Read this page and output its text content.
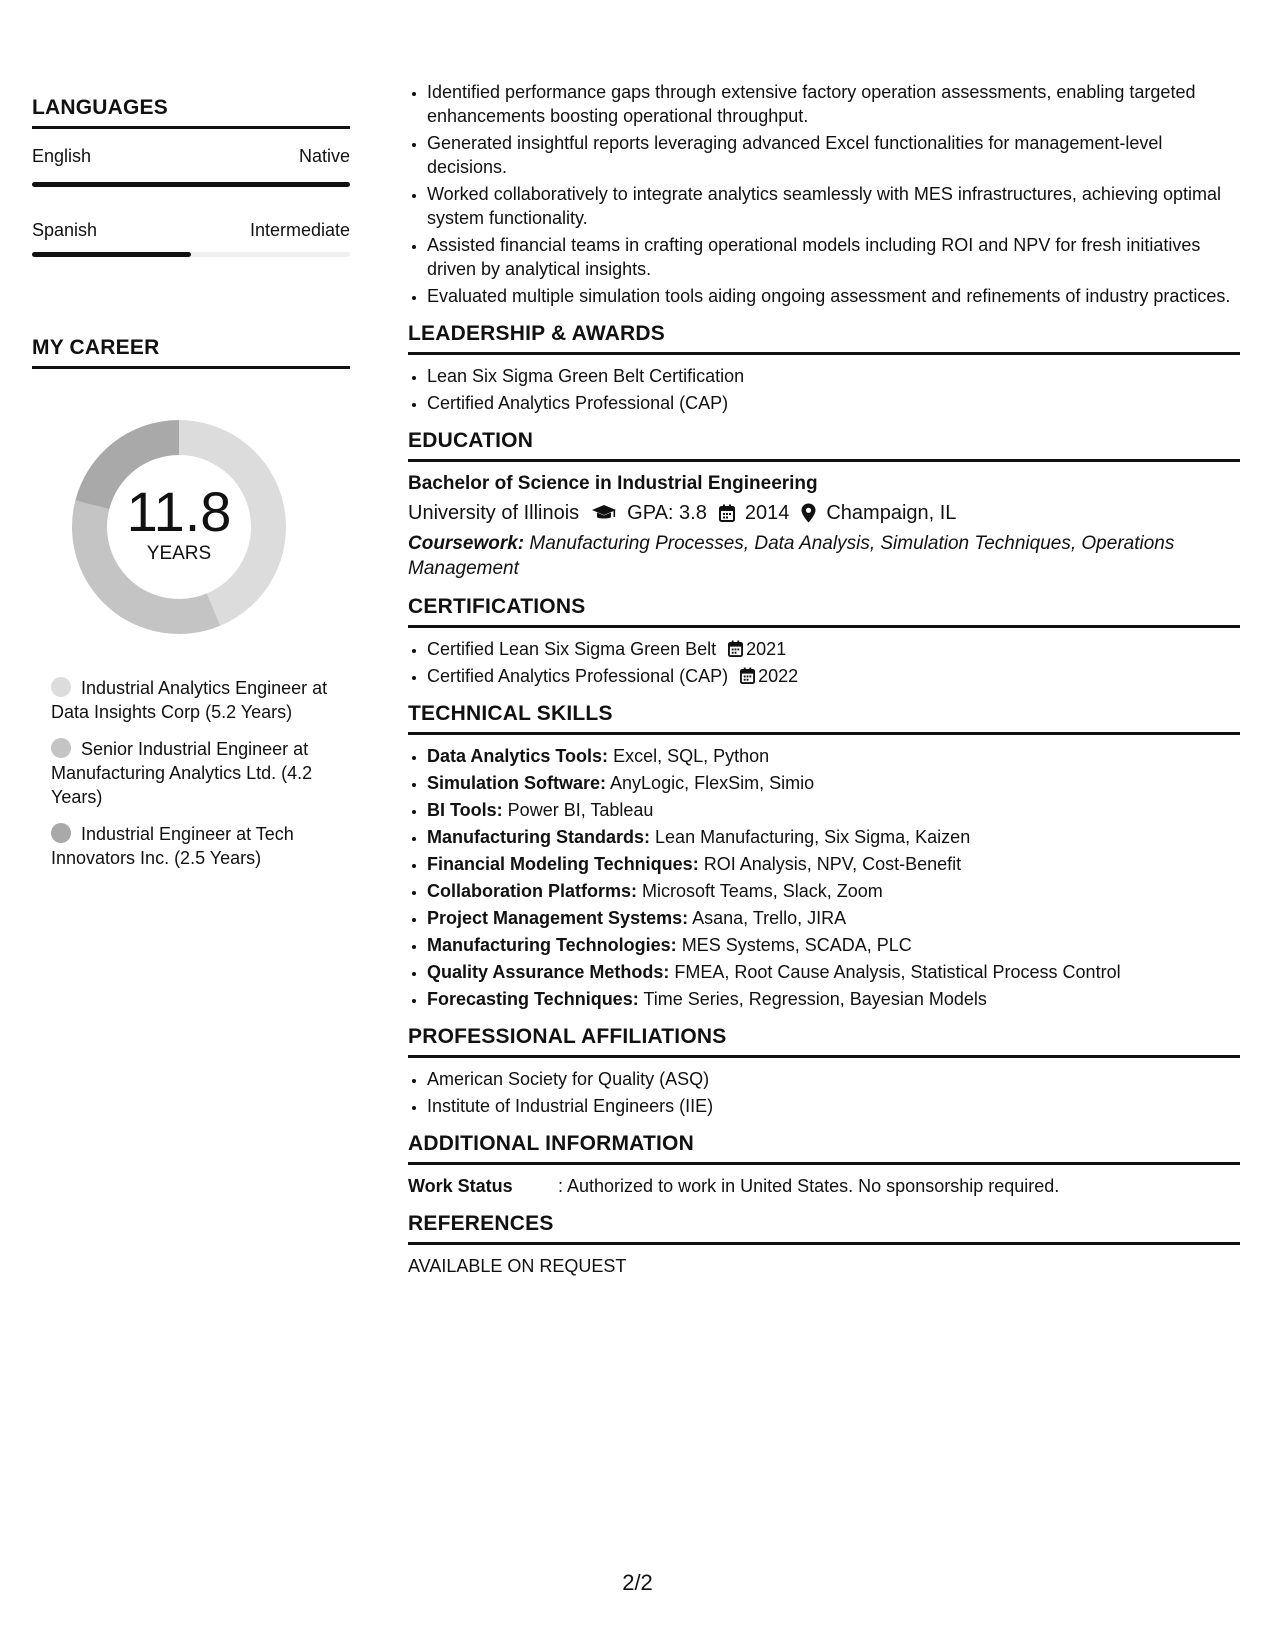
LANGUAGES
English	Native
Spanish	Intermediate
MY CAREER
11.8
YEARS
Industrial Analytics Engineer at Data Insights Corp (5.2 Years)
Senior Industrial Engineer at Manufacturing Analytics Ltd. (4.2 Years)
Industrial Engineer at Tech Innovators Inc. (2.5 Years)
• Identified performance gaps through extensive factory operation assessments, enabling targeted enhancements boosting operational throughput.
• Generated insightful reports leveraging advanced Excel functionalities for management-level decisions.
• Worked collaboratively to integrate analytics seamlessly with MES infrastructures, achieving optimal system functionality.
• Assisted financial teams in crafting operational models including ROI and NPV for fresh initiatives driven by analytical insights.
• Evaluated multiple simulation tools aiding ongoing assessment and refinements of industry practices.
LEADERSHIP & AWARDS
• Lean Six Sigma Green Belt Certification
• Certified Analytics Professional (CAP)
EDUCATION
Bachelor of Science in Industrial Engineering
University of Illinois GPA: 3.8 2014 Champaign, IL
Coursework: Manufacturing Processes, Data Analysis, Simulation Techniques, Operations Management
CERTIFICATIONS
• Certified Lean Six Sigma Green Belt 2021
• Certified Analytics Professional (CAP) 2022
TECHNICAL SKILLS
• Data Analytics Tools: Excel, SQL, Python
• Simulation Software: AnyLogic, FlexSim, Simio
• BI Tools: Power BI, Tableau
• Manufacturing Standards: Lean Manufacturing, Six Sigma, Kaizen
• Financial Modeling Techniques: ROI Analysis, NPV, Cost-Benefit
• Collaboration Platforms: Microsoft Teams, Slack, Zoom
• Project Management Systems: Asana, Trello, JIRA
• Manufacturing Technologies: MES Systems, SCADA, PLC
• Quality Assurance Methods: FMEA, Root Cause Analysis, Statistical Process Control
• Forecasting Techniques: Time Series, Regression, Bayesian Models
PROFESSIONAL AFFILIATIONS
• American Society for Quality (ASQ)
• Institute of Industrial Engineers (IIE)
ADDITIONAL INFORMATION
Work Status	: Authorized to work in United States. No sponsorship required.
REFERENCES
AVAILABLE ON REQUEST
2/2
